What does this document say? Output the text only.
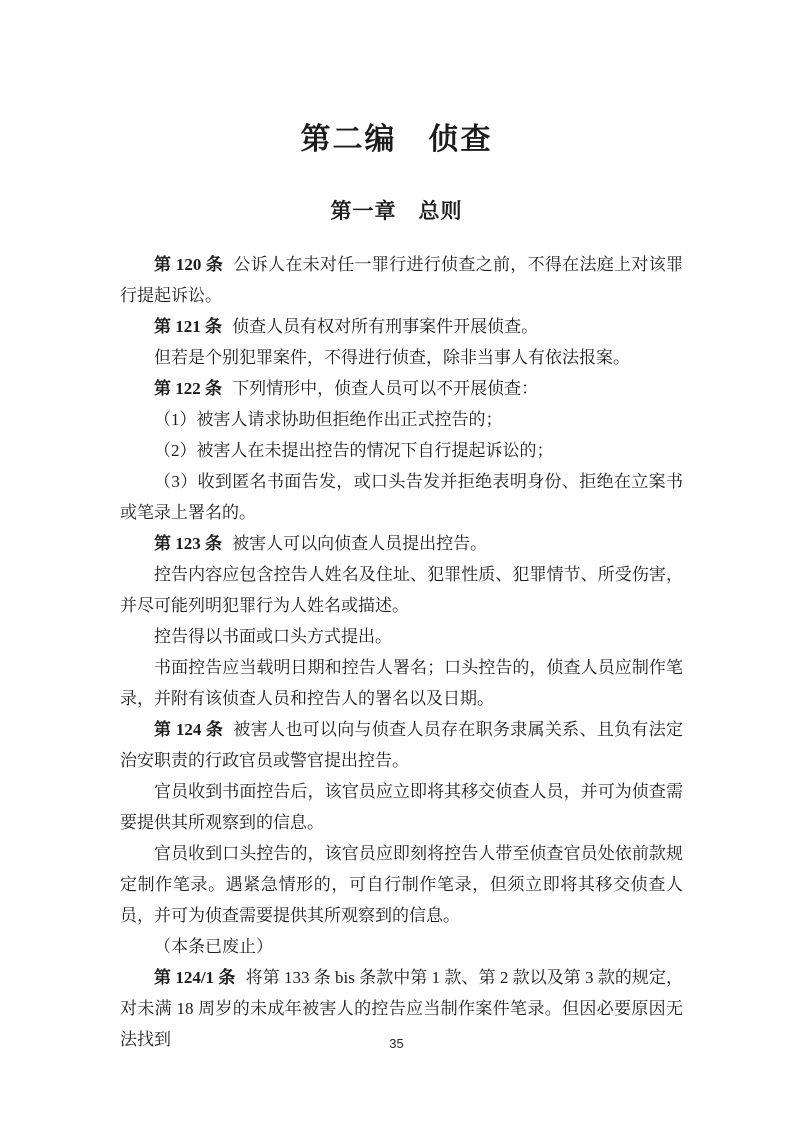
第二编　侦查
第一章　总则

第 120 条 公诉人在未对任一罪行进行侦查之前，不得在法庭上对该罪行提起诉讼。

第 121 条 侦查人员有权对所有刑事案件开展侦查。

但若是个别犯罪案件，不得进行侦查，除非当事人有依法报案。

第 122 条 下列情形中，侦查人员可以不开展侦查：

（1）被害人请求协助但拒绝作出正式控告的；

（2）被害人在未提出控告的情况下自行提起诉讼的；

（3）收到匿名书面告发，或口头告发并拒绝表明身份、拒绝在立案书或笔录上署名的。

第 123 条 被害人可以向侦查人员提出控告。

控告内容应包含控告人姓名及住址、犯罪性质、犯罪情节、所受伤害，并尽可能列明犯罪行为人姓名或描述。

控告得以书面或口头方式提出。

书面控告应当载明日期和控告人署名；口头控告的，侦查人员应制作笔录，并附有该侦查人员和控告人的署名以及日期。

第 124 条 被害人也可以向与侦查人员存在职务隶属关系、且负有法定治安职责的行政官员或警官提出控告。

官员收到书面控告后，该官员应立即将其移交侦查人员，并可为侦查需要提供其所观察到的信息。

官员收到口头控告的，该官员应即刻将控告人带至侦查官员处依前款规定制作笔录。遇紧急情形的，可自行制作笔录，但须立即将其移交侦查人员，并可为侦查需要提供其所观察到的信息。

（本条已废止）

第 124/1 条 将第 133 条 bis 条款中第 1 款、第 2 款以及第 3 款的规定，对未满 18 周岁的未成年被害人的控告应当制作案件笔录。但因必要原因无法找到	35
